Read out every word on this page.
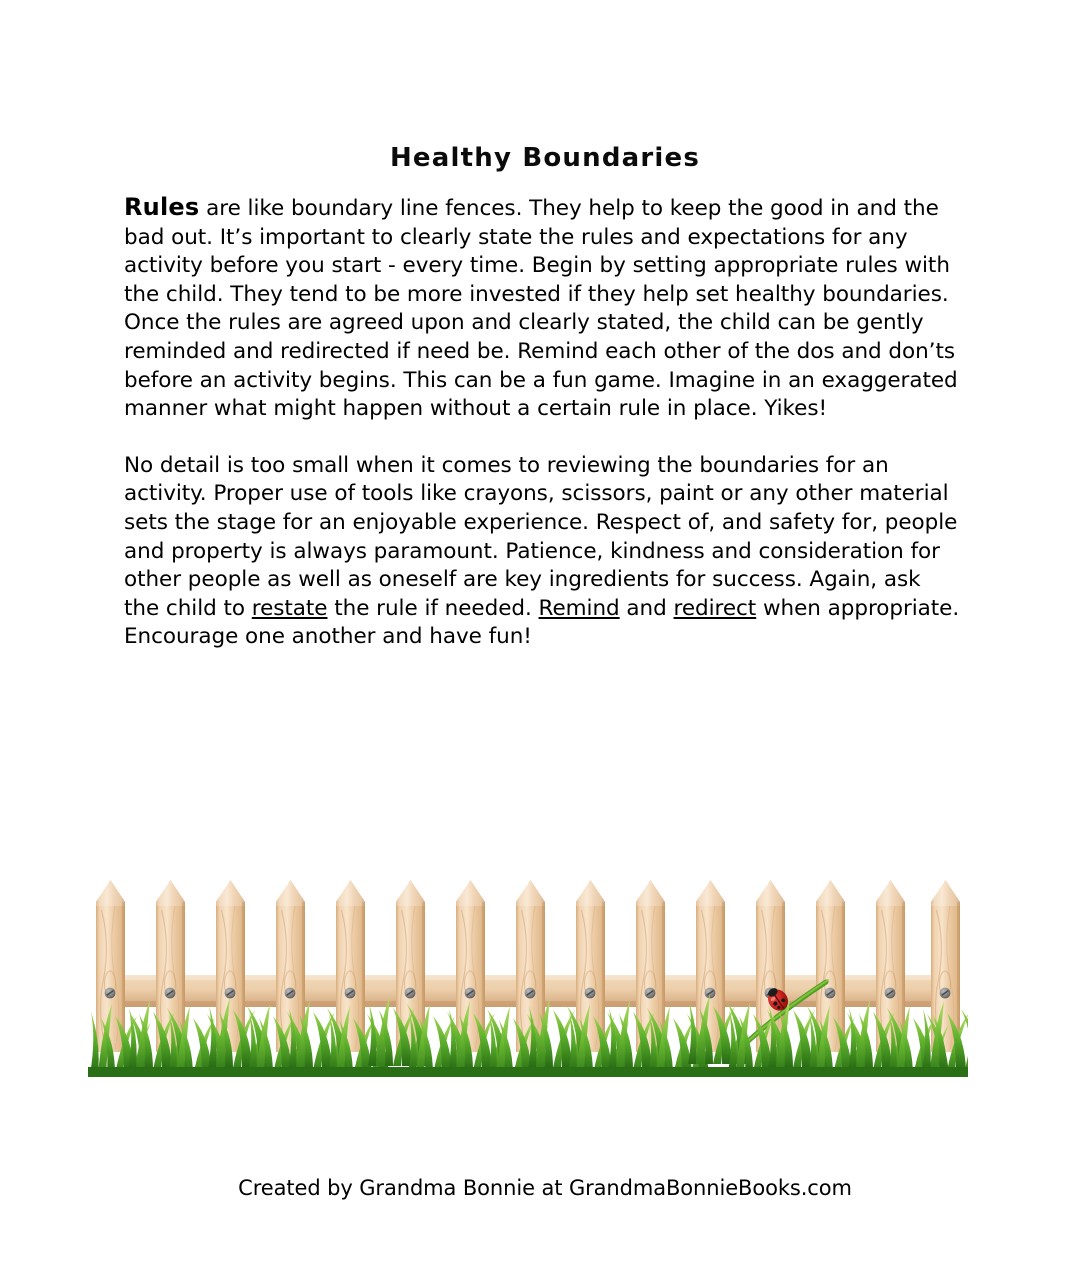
Healthy Boundaries

Rules are like boundary line fences. They help to keep the good in and the bad out. It’s important to clearly state the rules and expectations for any activity before you start - every time. Begin by setting appropriate rules with the child. They tend to be more invested if they help set healthy boundaries. Once the rules are agreed upon and clearly stated, the child can be gently reminded and redirected if need be. Remind each other of the dos and don’ts before an activity begins. This can be a fun game. Imagine in an exaggerated manner what might happen without a certain rule in place. Yikes!

No detail is too small when it comes to reviewing the boundaries for an activity. Proper use of tools like crayons, scissors, paint or any other material sets the stage for an enjoyable experience. Respect of, and safety for, people and property is always paramount. Patience, kindness and consideration for other people as well as oneself are key ingredients for success. Again, ask the child to restate the rule if needed. Remind and redirect when appropriate. Encourage one another and have fun!

Created by Grandma Bonnie at GrandmaBonnieBooks.com
